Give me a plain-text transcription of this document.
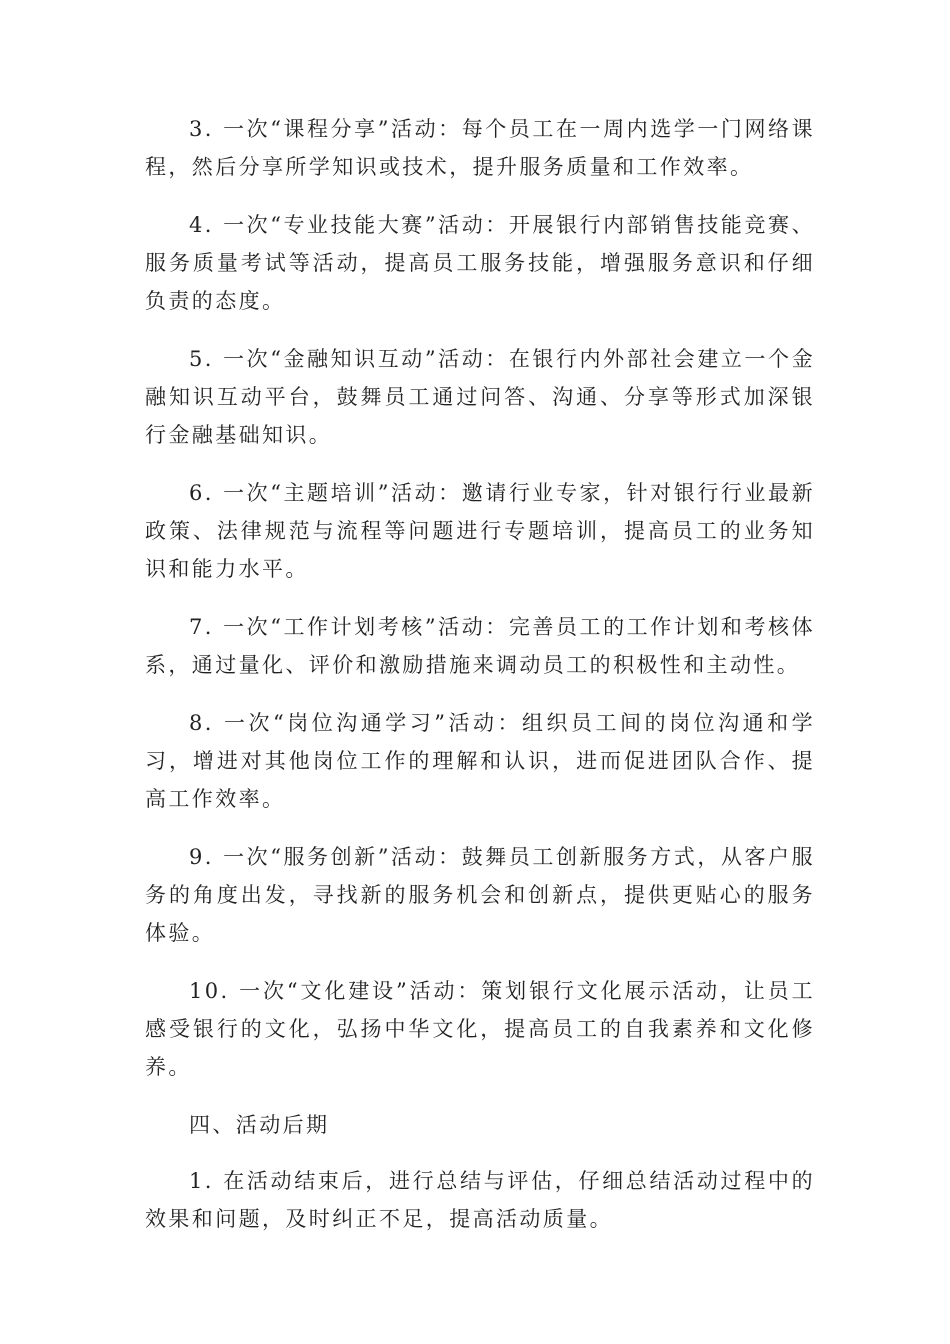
3. 一次“课程分享”活动：每个员工在一周内选学一门网络课程，然后分享所学知识或技术，提升服务质量和工作效率。

4. 一次“专业技能大赛”活动：开展银行内部销售技能竞赛、服务质量考试等活动，提高员工服务技能，增强服务意识和仔细负责的态度。

5. 一次“金融知识互动”活动：在银行内外部社会建立一个金融知识互动平台，鼓舞员工通过问答、沟通、分享等形式加深银行金融基础知识。

6. 一次“主题培训”活动：邀请行业专家，针对银行行业最新政策、法律规范与流程等问题进行专题培训，提高员工的业务知识和能力水平。

7. 一次“工作计划考核”活动：完善员工的工作计划和考核体系，通过量化、评价和激励措施来调动员工的积极性和主动性。

8. 一次“岗位沟通学习”活动：组织员工间的岗位沟通和学习，增进对其他岗位工作的理解和认识，进而促进团队合作、提高工作效率。

9. 一次“服务创新”活动：鼓舞员工创新服务方式，从客户服务的角度出发，寻找新的服务机会和创新点，提供更贴心的服务体验。

10. 一次“文化建设”活动：策划银行文化展示活动，让员工感受银行的文化，弘扬中华文化，提高员工的自我素养和文化修养。

四、活动后期

1. 在活动结束后，进行总结与评估，仔细总结活动过程中的效果和问题，及时纠正不足，提高活动质量。
